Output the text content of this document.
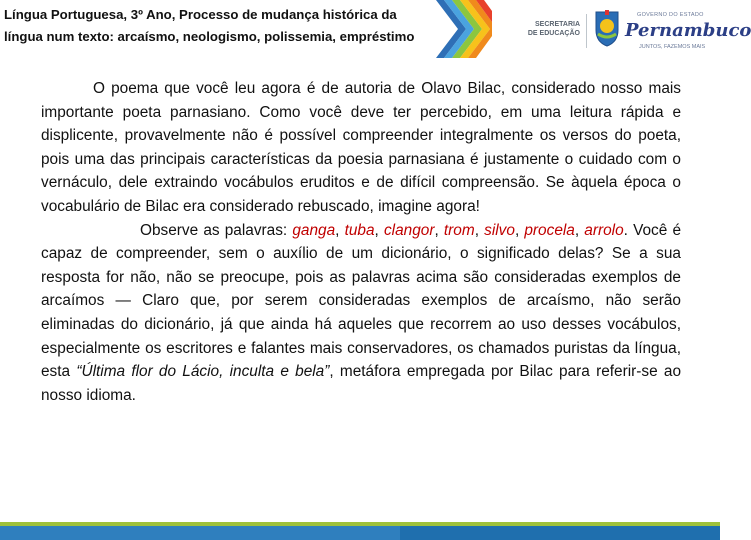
Língua Portuguesa, 3º Ano, Processo de mudança histórica da
língua num texto: arcaísmo, neologismo, polissemia, empréstimo
SECRETARIA
DE EDUCAÇÃO
GOVERNO DO ESTADO
Pernambuco
JUNTOS, FAZEMOS MAIS

O poema que você leu agora é de autoria de Olavo Bilac, considerado nosso mais importante poeta parnasiano. Como você deve ter percebido, em uma leitura rápida e displicente, provavelmente não é possível compreender integralmente os versos do poeta, pois uma das principais características da poesia parnasiana é justamente o cuidado com o vernáculo, dele extraindo vocábulos eruditos e de difícil compreensão. Se àquela época o vocabulário de Bilac era considerado rebuscado, imagine agora!

Observe as palavras: ganga, tuba, clangor, trom, silvo, procela, arrolo. Você é capaz de compreender, sem o auxílio de um dicionário, o significado delas? Se a sua resposta for não, não se preocupe, pois as palavras acima são consideradas exemplos de arcaímos — Claro que, por serem consideradas exemplos de arcaísmo, não serão eliminadas do dicionário, já que ainda há aqueles que recorrem ao uso desses vocábulos, especialmente os escritores e falantes mais conservadores, os chamados puristas da língua, esta “Última flor do Lácio, inculta e bela”, metáfora empregada por Bilac para referir-se ao nosso idioma.
